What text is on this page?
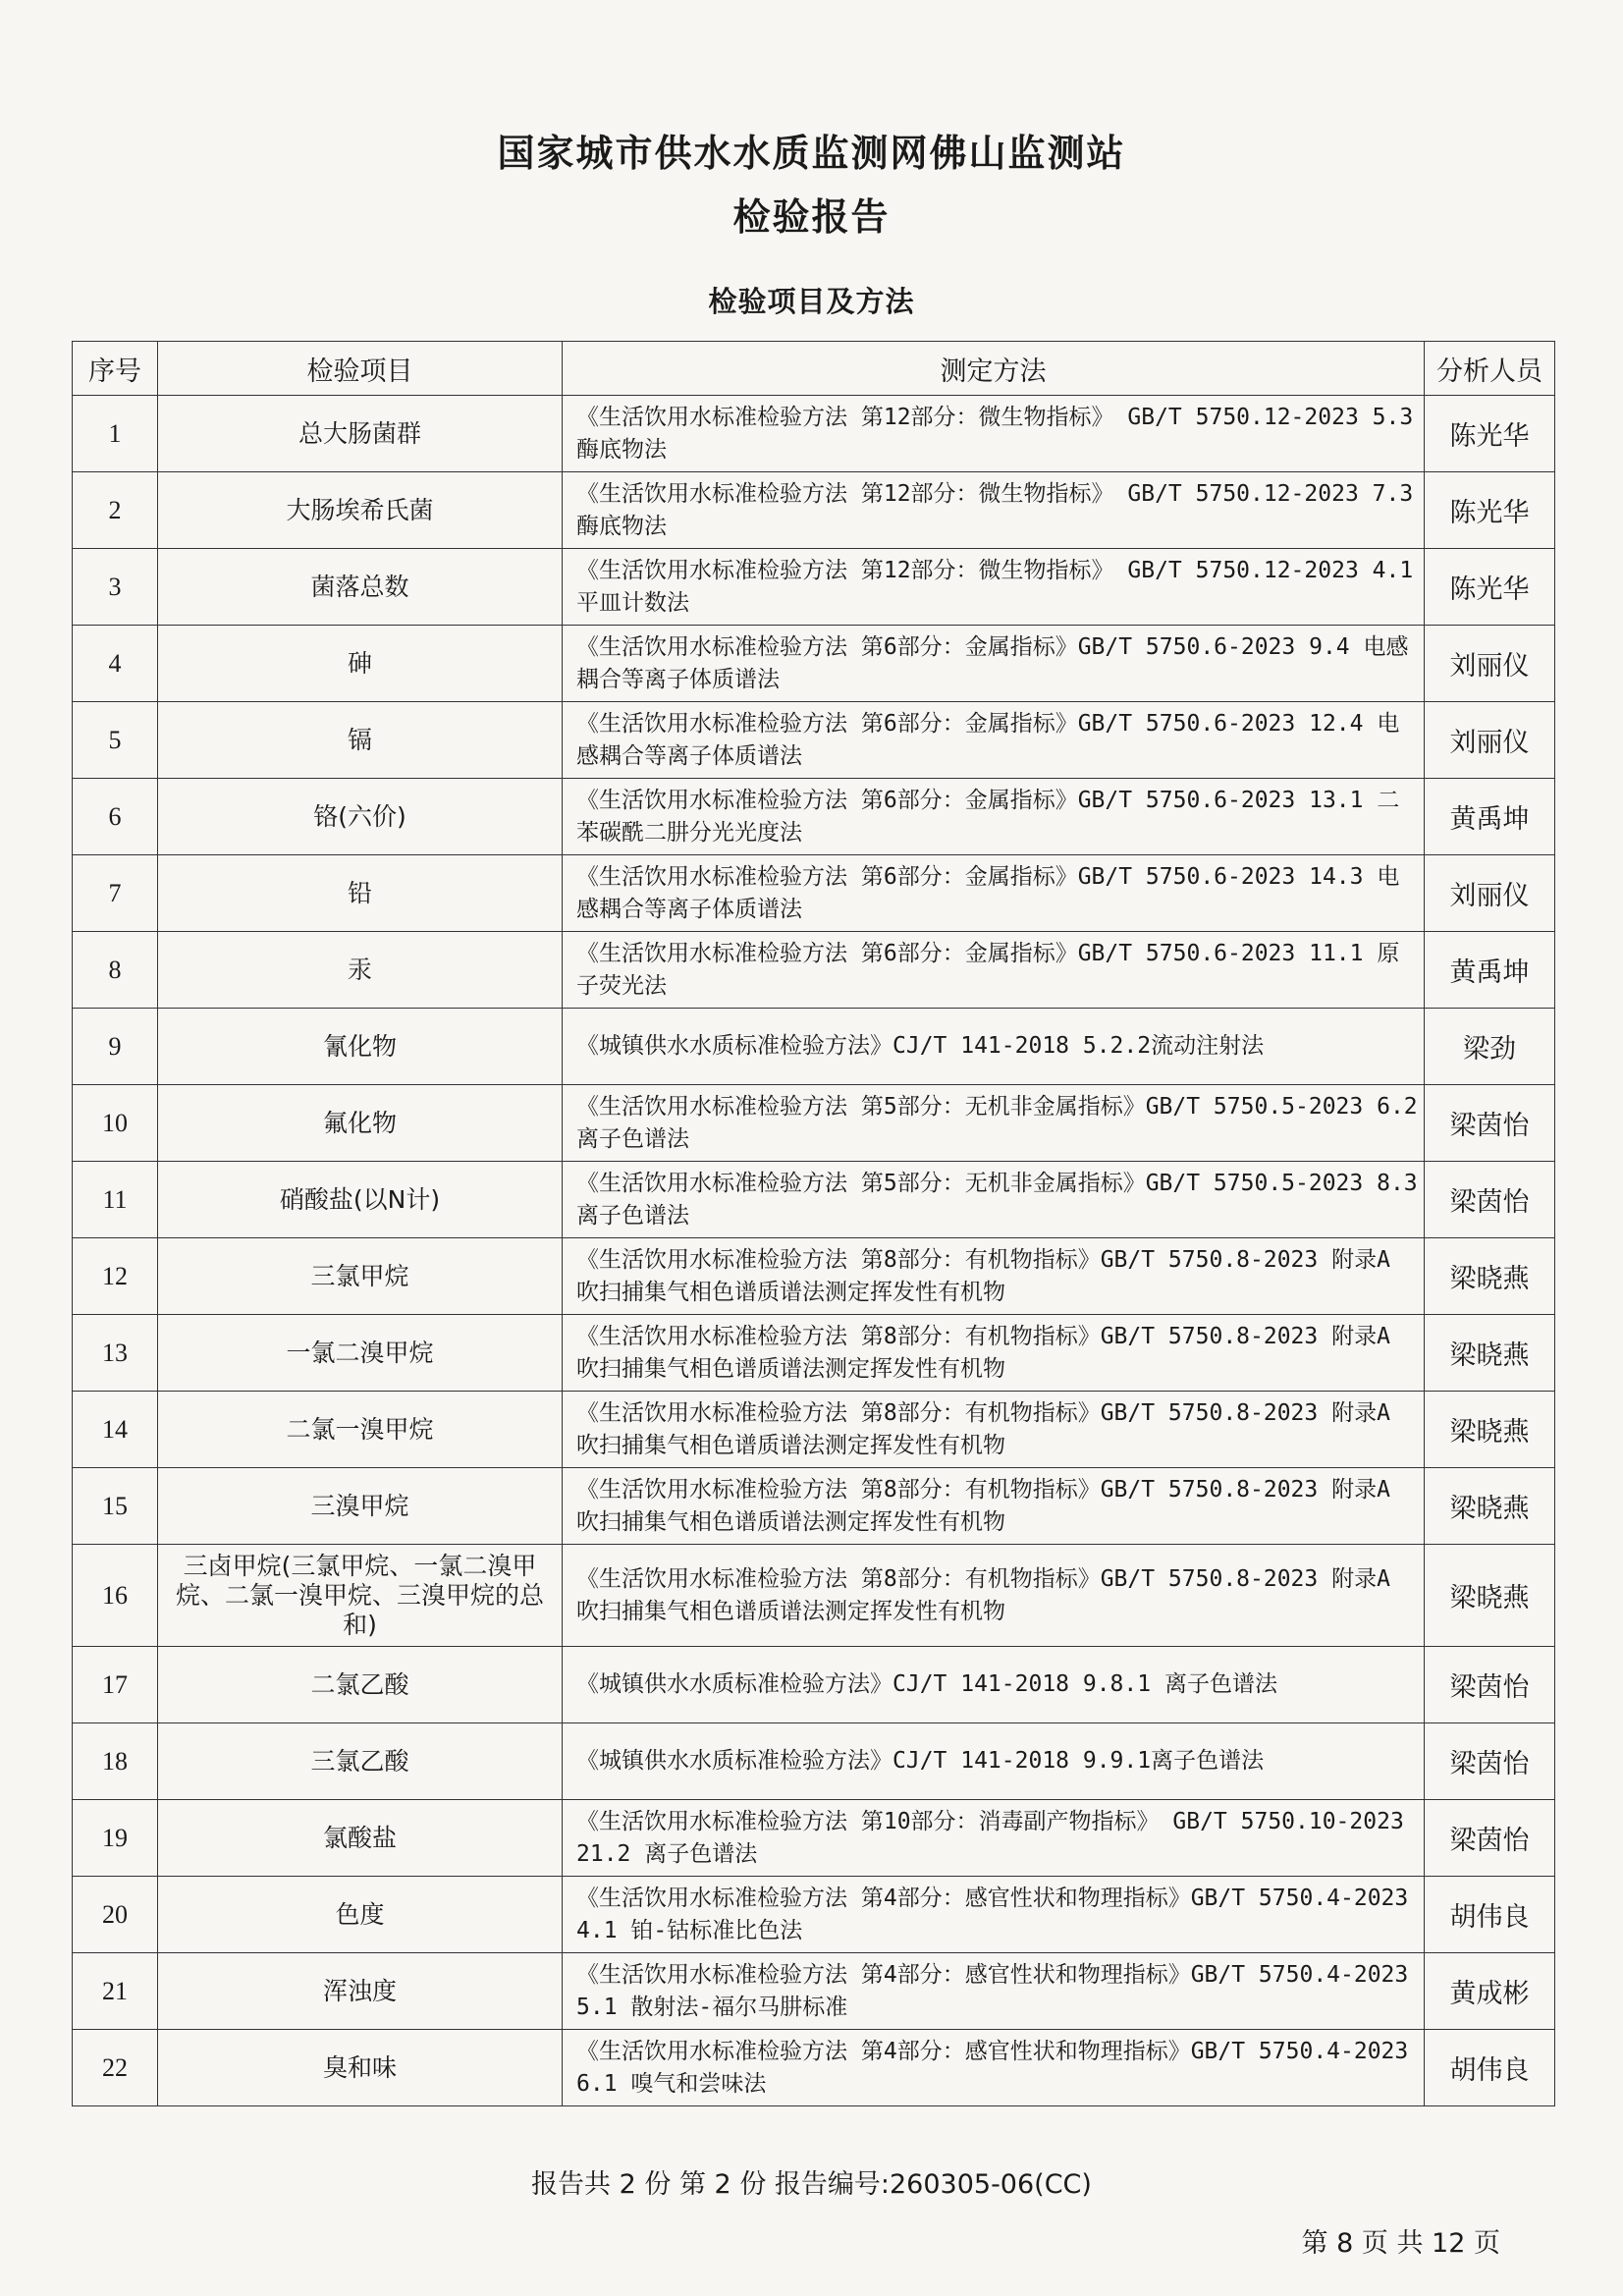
国家城市供水水质监测网佛山监测站
检验报告
检验项目及方法
序号	检验项目	测定方法	分析人员
1	总大肠菌群	《生活饮用水标准检验方法 第12部分：微生物指标》 GB/T 5750.12-2023 5.3 酶底物法	陈光华
2	大肠埃希氏菌	《生活饮用水标准检验方法 第12部分：微生物指标》 GB/T 5750.12-2023 7.3 酶底物法	陈光华
3	菌落总数	《生活饮用水标准检验方法 第12部分：微生物指标》 GB/T 5750.12-2023 4.1 平皿计数法	陈光华
4	砷	《生活饮用水标准检验方法 第6部分：金属指标》GB/T 5750.6-2023 9.4 电感耦合等离子体质谱法	刘丽仪
5	镉	《生活饮用水标准检验方法 第6部分：金属指标》GB/T 5750.6-2023 12.4 电感耦合等离子体质谱法	刘丽仪
6	铬(六价)	《生活饮用水标准检验方法 第6部分：金属指标》GB/T 5750.6-2023 13.1 二苯碳酰二肼分光光度法	黄禹坤
7	铅	《生活饮用水标准检验方法 第6部分：金属指标》GB/T 5750.6-2023 14.3 电感耦合等离子体质谱法	刘丽仪
8	汞	《生活饮用水标准检验方法 第6部分：金属指标》GB/T 5750.6-2023 11.1 原子荧光法	黄禹坤
9	氰化物	《城镇供水水质标准检验方法》CJ/T 141-2018 5.2.2流动注射法	梁劲
10	氟化物	《生活饮用水标准检验方法 第5部分：无机非金属指标》GB/T 5750.5-2023 6.2 离子色谱法	梁茵怡
11	硝酸盐(以N计)	《生活饮用水标准检验方法 第5部分：无机非金属指标》GB/T 5750.5-2023 8.3 离子色谱法	梁茵怡
12	三氯甲烷	《生活饮用水标准检验方法 第8部分：有机物指标》GB/T 5750.8-2023 附录A 吹扫捕集气相色谱质谱法测定挥发性有机物	梁晓燕
13	一氯二溴甲烷	《生活饮用水标准检验方法 第8部分：有机物指标》GB/T 5750.8-2023 附录A 吹扫捕集气相色谱质谱法测定挥发性有机物	梁晓燕
14	二氯一溴甲烷	《生活饮用水标准检验方法 第8部分：有机物指标》GB/T 5750.8-2023 附录A 吹扫捕集气相色谱质谱法测定挥发性有机物	梁晓燕
15	三溴甲烷	《生活饮用水标准检验方法 第8部分：有机物指标》GB/T 5750.8-2023 附录A 吹扫捕集气相色谱质谱法测定挥发性有机物	梁晓燕
16	三卤甲烷(三氯甲烷、一氯二溴甲烷、二氯一溴甲烷、三溴甲烷的总和)	《生活饮用水标准检验方法 第8部分：有机物指标》GB/T 5750.8-2023 附录A 吹扫捕集气相色谱质谱法测定挥发性有机物	梁晓燕
17	二氯乙酸	《城镇供水水质标准检验方法》CJ/T 141-2018 9.8.1 离子色谱法	梁茵怡
18	三氯乙酸	《城镇供水水质标准检验方法》CJ/T 141-2018 9.9.1离子色谱法	梁茵怡
19	氯酸盐	《生活饮用水标准检验方法 第10部分：消毒副产物指标》 GB/T 5750.10-2023 21.2 离子色谱法	梁茵怡
20	色度	《生活饮用水标准检验方法 第4部分：感官性状和物理指标》GB/T 5750.4-2023 4.1 铂-钴标准比色法	胡伟良
21	浑浊度	《生活饮用水标准检验方法 第4部分：感官性状和物理指标》GB/T 5750.4-2023 5.1 散射法-福尔马肼标准	黄成彬
22	臭和味	《生活饮用水标准检验方法 第4部分：感官性状和物理指标》GB/T 5750.4-2023 6.1 嗅气和尝味法	胡伟良
报告共 2 份 第 2 份 报告编号:260305-06(CC)
第 8 页 共 12 页
